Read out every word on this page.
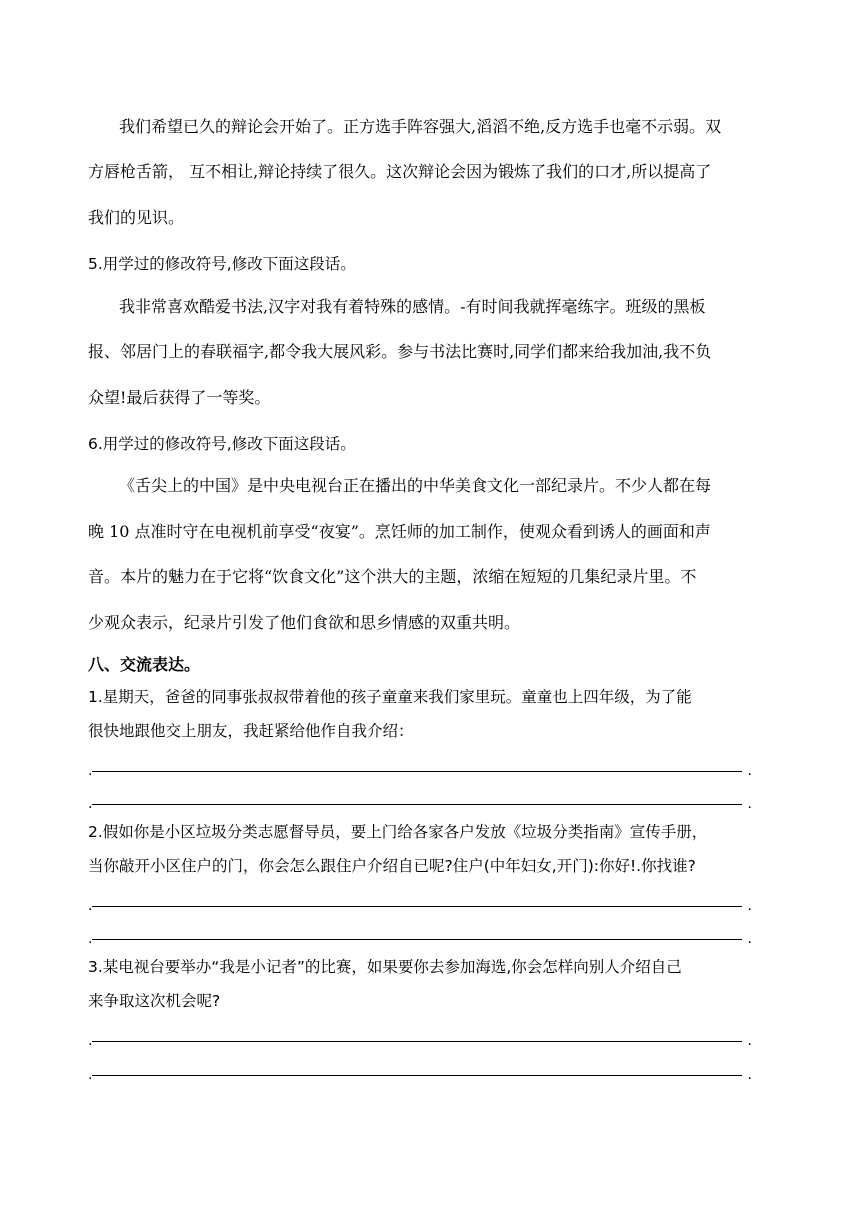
我们希望已久的辩论会开始了。正方选手阵容强大,滔滔不绝,反方选手也毫不示弱。双
方唇枪舌箭， 互不相让,辩论持续了很久。这次辩论会因为锻炼了我们的口才,所以提高了
我们的见识。
5.用学过的修改符号,修改下面这段话。
我非常喜欢酷爱书法,汉字对我有着特殊的感情。-有时间我就挥毫练字。班级的黑板
报、邻居门上的春联福字,都令我大展风彩。参与书法比赛时,同学们都来给我加油,我不负
众望!最后获得了一等奖。
6.用学过的修改符号,修改下面这段话。
《舌尖上的中国》是中央电视台正在播出的中华美食文化一部纪录片。不少人都在每
晚 10 点准时守在电视机前享受“夜宴”。烹饪师的加工制作，使观众看到诱人的画面和声
音。本片的魅力在于它将“饮食文化”这个洪大的主题，浓缩在短短的几集纪录片里。不
少观众表示，纪录片引发了他们食欲和思乡情感的双重共明。
八、交流表达。
1.星期天，爸爸的同事张叔叔带着他的孩子童童来我们家里玩。童童也上四年级，为了能
很快地跟他交上朋友，我赶紧给他作自我介绍：
.	.
.	.
2.假如你是小区垃圾分类志愿督导员，要上门给各家各户发放《垃圾分类指南》宣传手册，
当你敲开小区住户的门，你会怎么跟住户介绍自已呢?住户(中年妇女,开门):你好!.你找谁?
.	.
.	.
3.某电视台要举办“我是小记者”的比赛，如果要你去参加海选,你会怎样向别人介绍自己
来争取这次机会呢?
.	.
.	.
